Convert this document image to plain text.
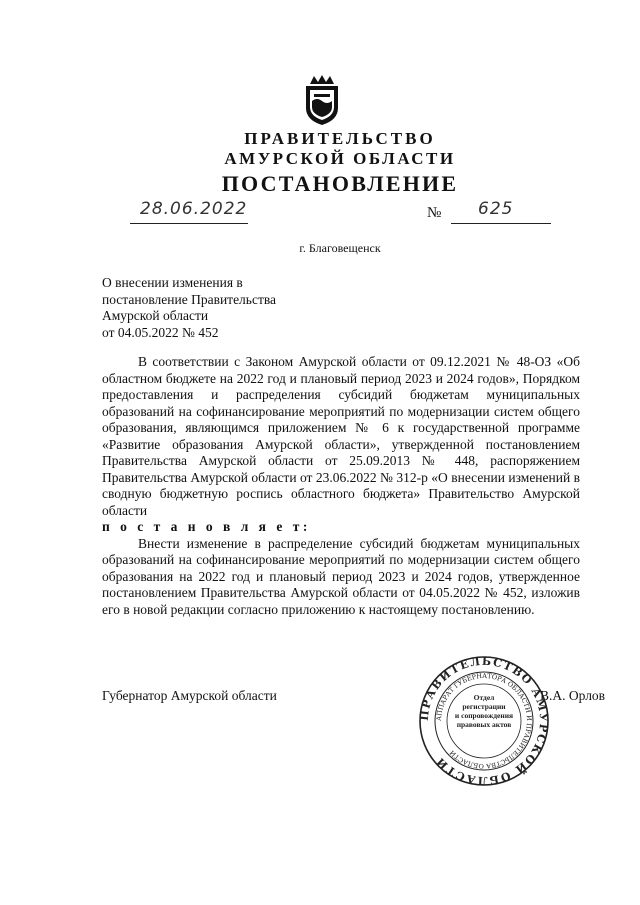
ПРАВИТЕЛЬСТВО
АМУРСКОЙ ОБЛАСТИ
ПОСТАНОВЛЕНИЕ
28.06.2022	№ 625
г. Благовещенск
О внесении изменения в
постановление Правительства
Амурской области
от 04.05.2022 № 452

В соответствии с Законом Амурской области от 09.12.2021 № 48-ОЗ «Об областном бюджете на 2022 год и плановый период 2023 и 2024 годов», Порядком предоставления и распределения субсидий бюджетам муниципальных образований на софинансирование мероприятий по модернизации систем общего образования, являющимся приложением № 6 к государственной программе «Развитие образования Амурской области», утвержденной постановлением Правительства Амурской области от 25.09.2013 № 448, распоряжением Правительства Амурской области от 23.06.2022 № 312-р «О внесении изменений в сводную бюджетную роспись областного бюджета» Правительство Амурской области

п о с т а н о в л я е т:

Внести изменение в распределение субсидий бюджетам муниципальных образований на софинансирование мероприятий по модернизации систем общего образования на 2022 год и плановый период 2023 и 2024 годов, утвержденное постановлением Правительства Амурской области от 04.05.2022 № 452, изложив его в новой редакции согласно приложению к настоящему постановлению.

Губернатор Амурской области	В.А. Орлов
ПРАВИТЕЛЬСТВО АМУРСКОЙ ОБЛАСТИ
АППАРАТ ГУБЕРНАТОРА ОБЛАСТИ И ПРАВИТЕЛЬСТВА ОБЛАСТИ
Отдел
регистрации
и сопровождения
правовых актов
